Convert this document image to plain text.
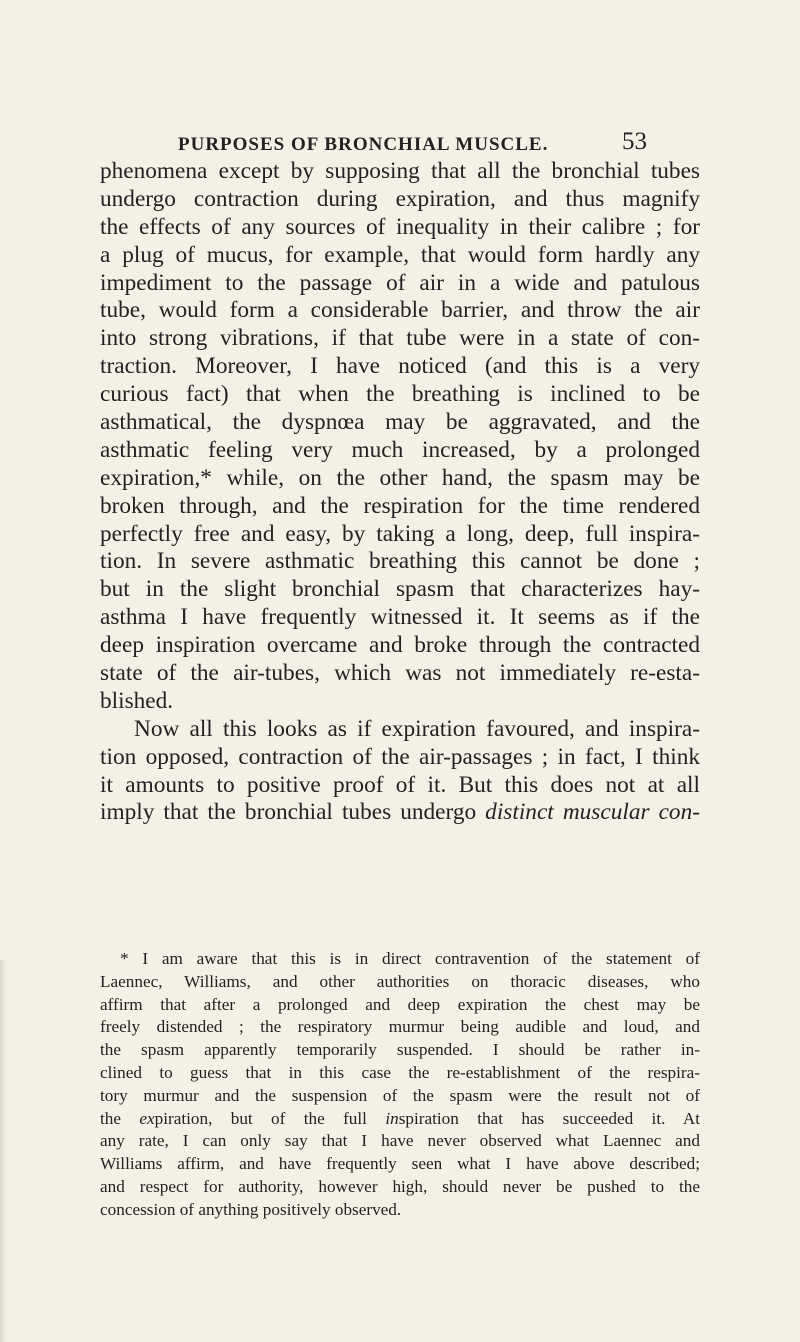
PURPOSES OF BRONCHIAL MUSCLE.	53
phenomena except by supposing that all the bronchial tubes
undergo contraction during expiration, and thus magnify
the effects of any sources of inequality in their calibre ; for
a plug of mucus, for example, that would form hardly any
impediment to the passage of air in a wide and patulous
tube, would form a considerable barrier, and throw the air
into strong vibrations, if that tube were in a state of con-
traction. Moreover, I have noticed (and this is a very
curious fact) that when the breathing is inclined to be
asthmatical, the dyspnœa may be aggravated, and the
asthmatic feeling very much increased, by a prolonged
expiration,* while, on the other hand, the spasm may be
broken through, and the respiration for the time rendered
perfectly free and easy, by taking a long, deep, full inspira-
tion. In severe asthmatic breathing this cannot be done ;
but in the slight bronchial spasm that characterizes hay-
asthma I have frequently witnessed it. It seems as if the
deep inspiration overcame and broke through the contracted
state of the air-tubes, which was not immediately re-esta-
blished.
Now all this looks as if expiration favoured, and inspira-
tion opposed, contraction of the air-passages ; in fact, I think
it amounts to positive proof of it. But this does not at all
imply that the bronchial tubes undergo distinct muscular con-
* I am aware that this is in direct contravention of the statement of
Laennec, Williams, and other authorities on thoracic diseases, who
affirm that after a prolonged and deep expiration the chest may be
freely distended ; the respiratory murmur being audible and loud, and
the spasm apparently temporarily suspended. I should be rather in-
clined to guess that in this case the re-establishment of the respira-
tory murmur and the suspension of the spasm were the result not of
the expiration, but of the full inspiration that has succeeded it. At
any rate, I can only say that I have never observed what Laennec and
Williams affirm, and have frequently seen what I have above described;
and respect for authority, however high, should never be pushed to the
concession of anything positively observed.
